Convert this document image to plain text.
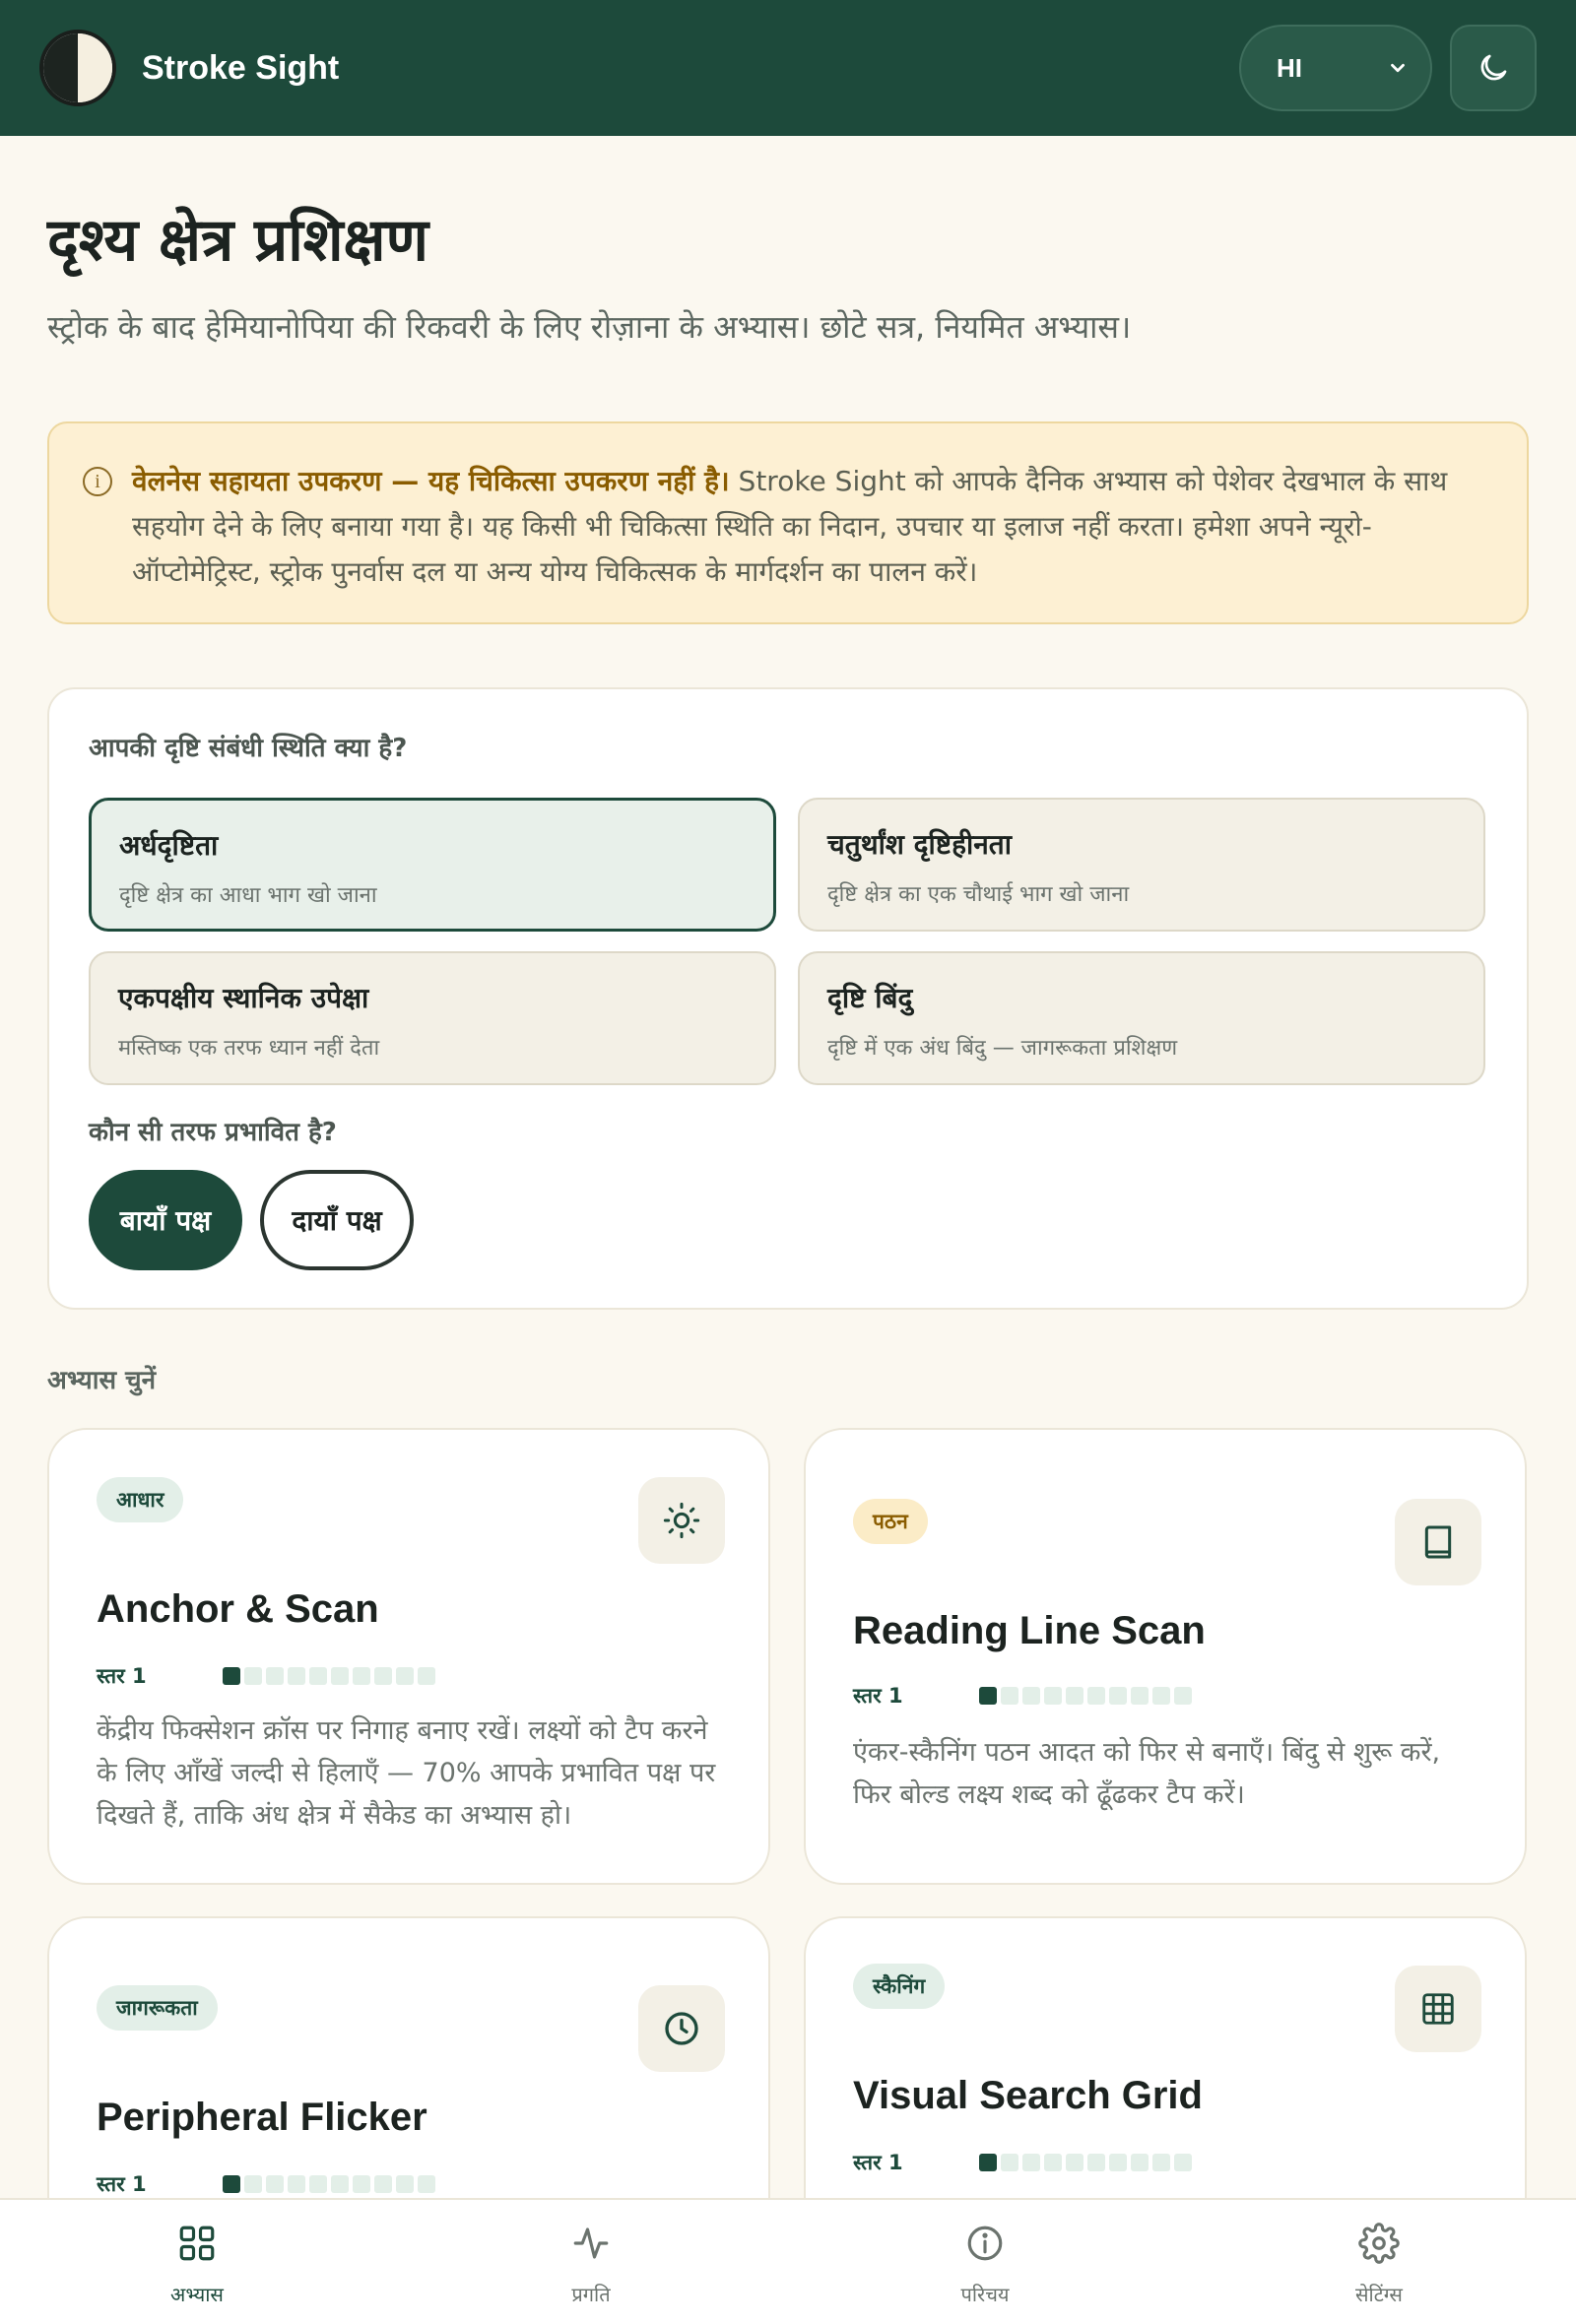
Stroke Sight	HI
दृश्य क्षेत्र प्रशिक्षण

स्ट्रोक के बाद हेमियानोपिया की रिकवरी के लिए रोज़ाना के अभ्यास। छोटे सत्र, नियमित अभ्यास।

i	वेलनेस सहायता उपकरण — यह चिकित्सा उपकरण नहीं है। Stroke Sight को आपके दैनिक अभ्यास को पेशेवर देखभाल के साथ सहयोग देने के लिए बनाया गया है। यह किसी भी चिकित्सा स्थिति का निदान, उपचार या इलाज नहीं करता। हमेशा अपने न्यूरो-ऑप्टोमेट्रिस्ट, स्ट्रोक पुनर्वास दल या अन्य योग्य चिकित्सक के मार्गदर्शन का पालन करें।
आपकी दृष्टि संबंधी स्थिति क्या है?
अर्धदृष्टिता
दृष्टि क्षेत्र का आधा भाग खो जाना
चतुर्थांश दृष्टिहीनता
दृष्टि क्षेत्र का एक चौथाई भाग खो जाना
एकपक्षीय स्थानिक उपेक्षा
मस्तिष्क एक तरफ ध्यान नहीं देता
दृष्टि बिंदु
दृष्टि में एक अंध बिंदु — जागरूकता प्रशिक्षण
कौन सी तरफ प्रभावित है?
बायाँ पक्ष	दायाँ पक्ष
अभ्यास चुनें
आधार
Anchor & Scan
स्तर 1
केंद्रीय फिक्सेशन क्रॉस पर निगाह बनाए रखें। लक्ष्यों को टैप करने के लिए आँखें जल्दी से हिलाएँ — 70% आपके प्रभावित पक्ष पर दिखते हैं, ताकि अंध क्षेत्र में सैकेड का अभ्यास हो।
पठन
Reading Line Scan
स्तर 1
एंकर-स्कैनिंग पठन आदत को फिर से बनाएँ। बिंदु से शुरू करें, फिर बोल्ड लक्ष्य शब्द को ढूँढकर टैप करें।
जागरूकता
Peripheral Flicker
स्तर 1
स्कैनिंग
Visual Search Grid
स्तर 1
अभ्यास	प्रगति	परिचय	सेटिंग्स
